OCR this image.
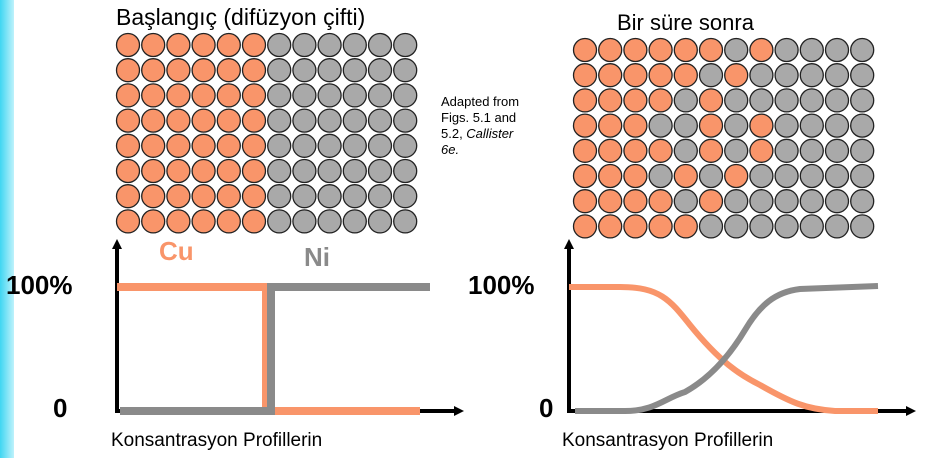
Başlangıç (difüzyon çifti)	Bir süre sonra
Adapted from
Figs. 5.1 and
5.2, Callister
6e.
Cu	Ni
100%
0
100%
0
Konsantrasyon Profillerin	Konsantrasyon Profillerin
